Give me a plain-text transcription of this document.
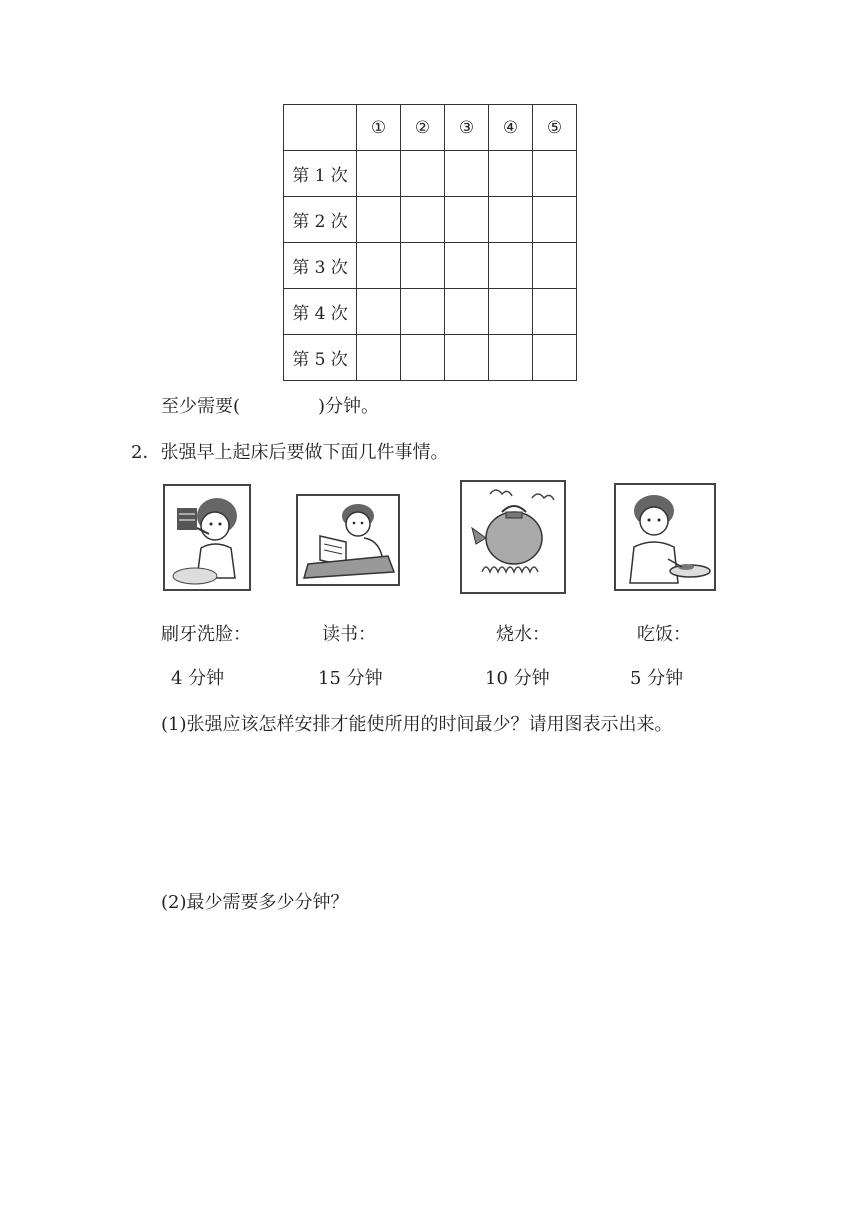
	①	②	③	④	⑤
第 1 次					
第 2 次					
第 3 次					
第 4 次					
第 5 次					
至少需要(	)分钟。
2．张强早上起床后要做下面几件事情。
刷牙洗脸：	读书：	烧水：	吃饭：
4 分钟	15 分钟	10 分钟	5 分钟
(1)张强应该怎样安排才能使所用的时间最少？请用图表示出来。
(2)最少需要多少分钟？
